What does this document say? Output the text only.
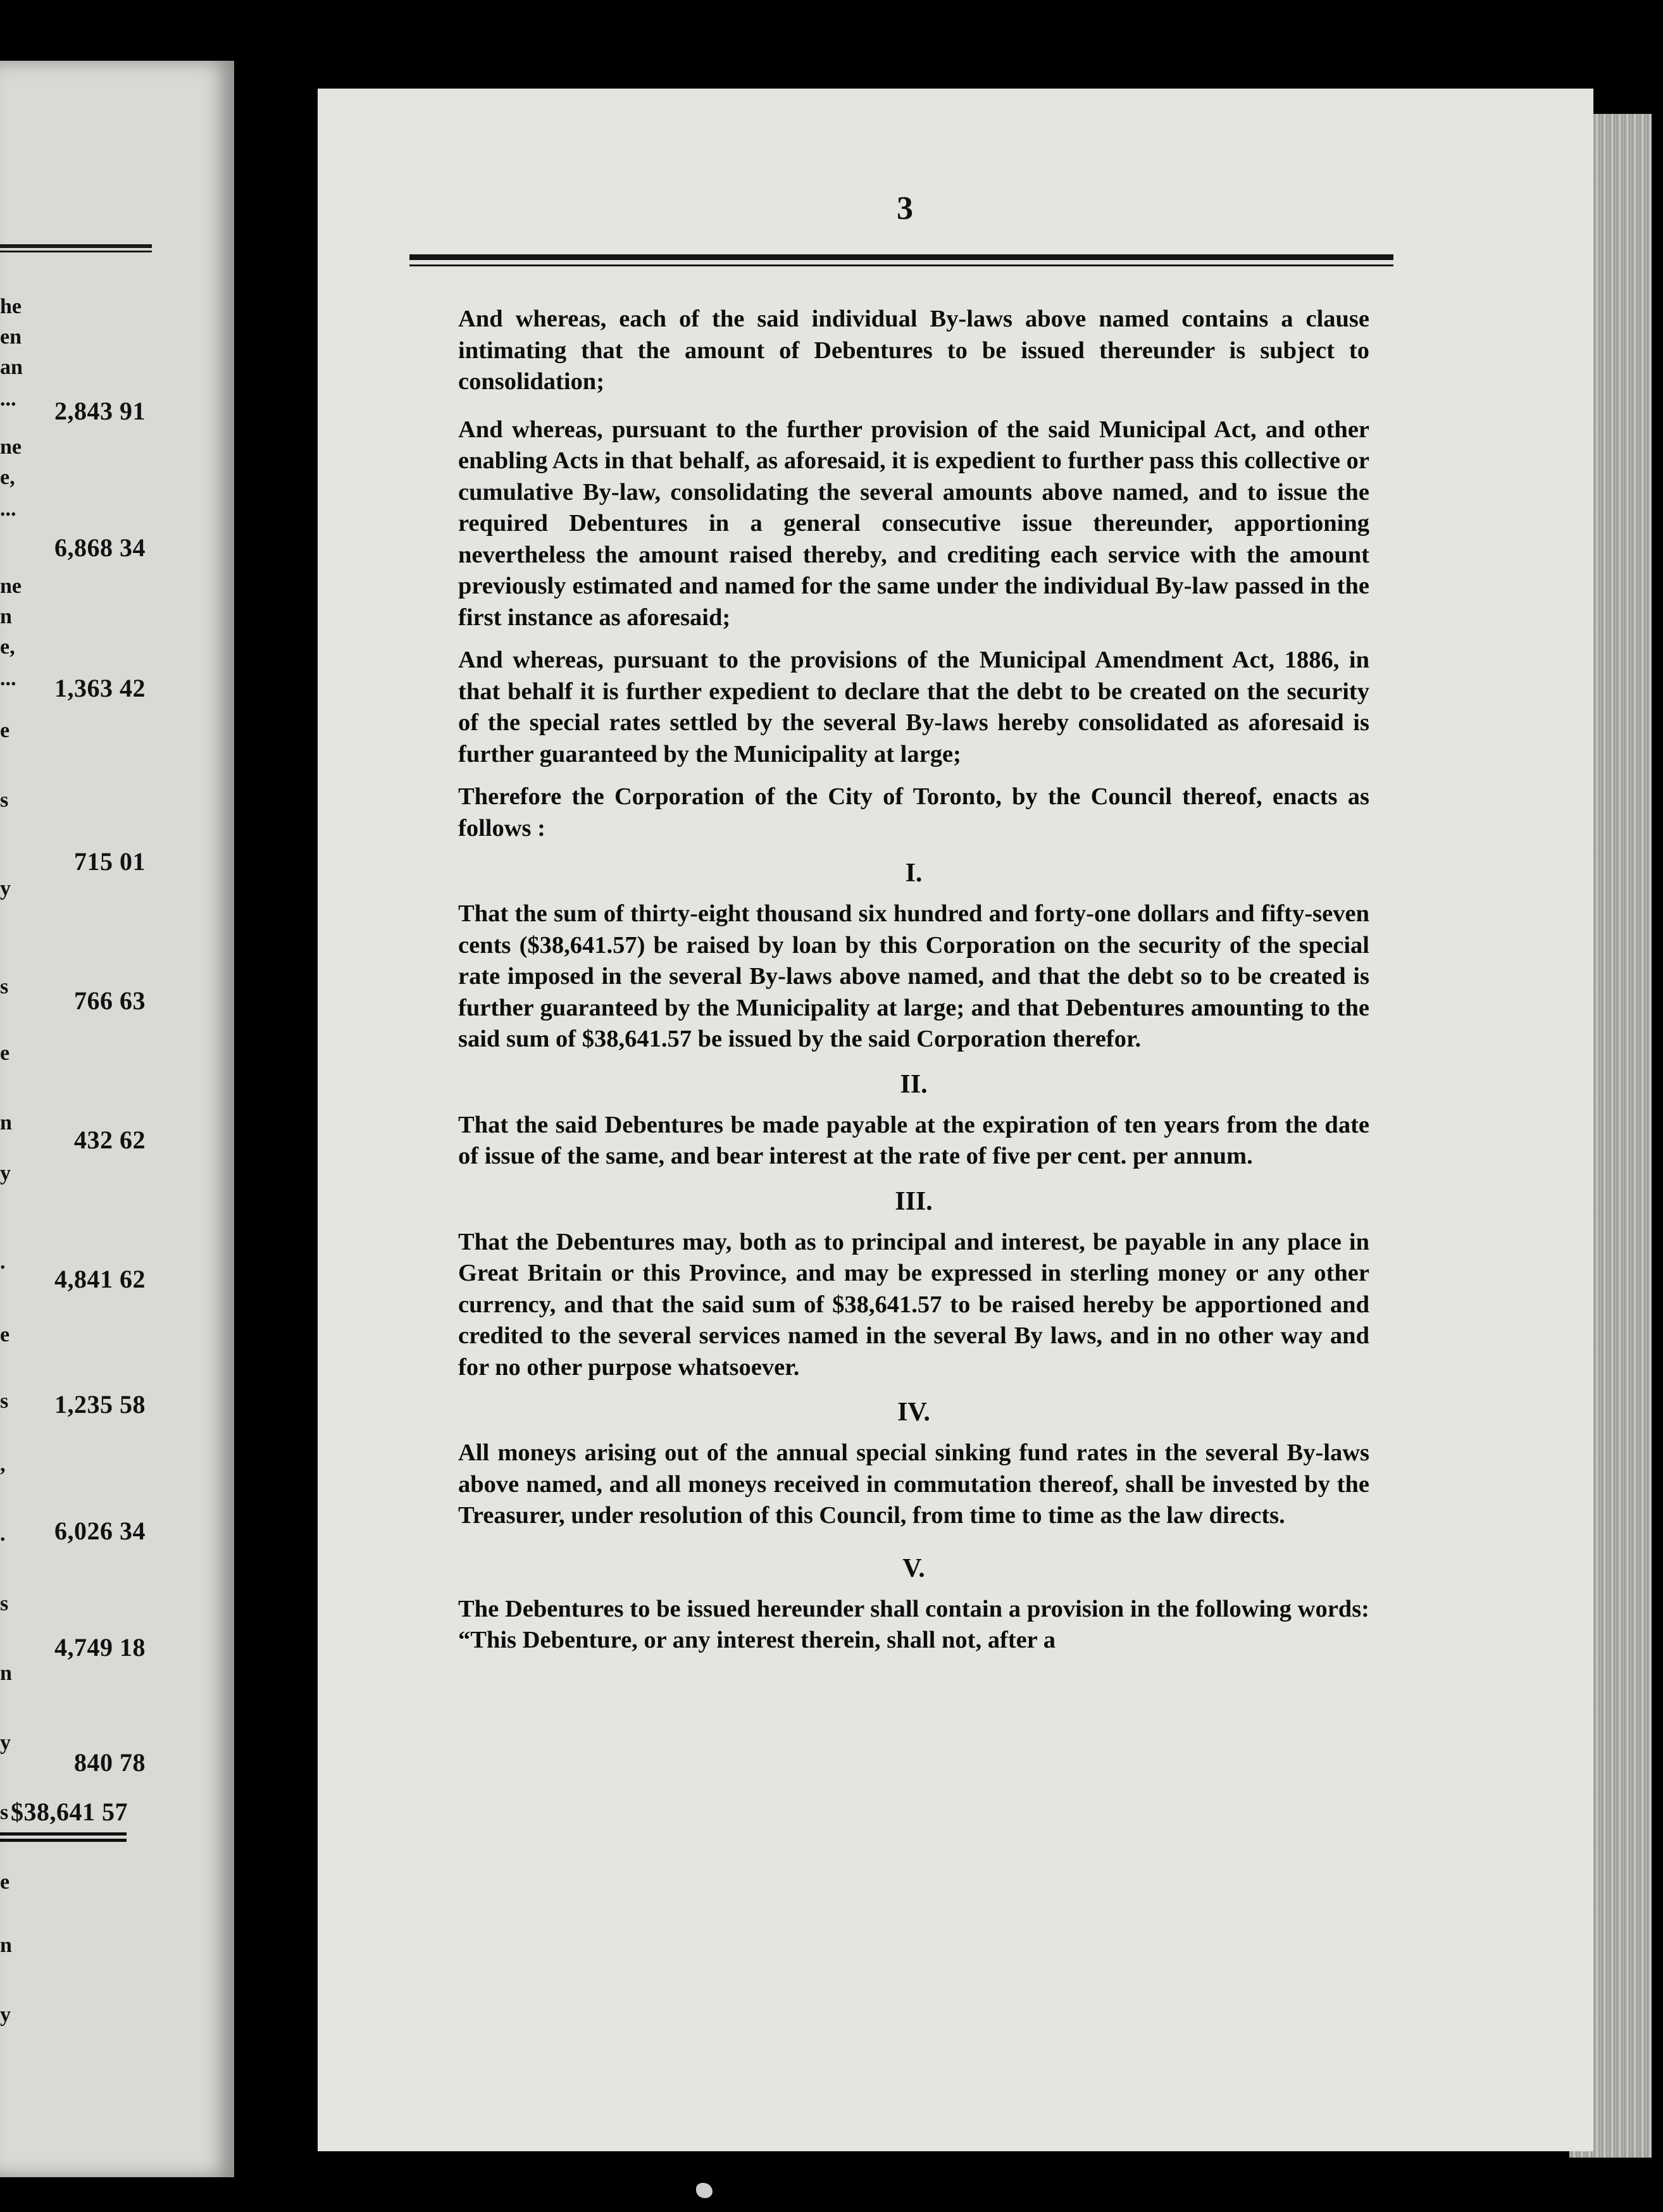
he
en
an
...
ne
e,
...
ne
n
e,
...
e
s
y
s
e
n
y
.
e
s
,
.
s
n
y
s
e
n
y
2,843 91
6,868 34
1,363 42
715 01
766 63
432 62
4,841 62
1,235 58
6,026 34
4,749 18
840 78
$38,641 57
3

And whereas, each of the said individual By-laws above named contains a clause intimating that the amount of Debentures to be issued thereunder is subject to consolidation;

And whereas, pursuant to the further provision of the said Municipal Act, and other enabling Acts in that behalf, as aforesaid, it is expedient to further pass this collective or cumulative By-law, consolidating the several amounts above named, and to issue the required Debentures in a general consecutive issue thereunder, apportioning nevertheless the amount raised thereby, and crediting each service with the amount previously estimated and named for the same under the individual By-law passed in the first instance as aforesaid;

And whereas, pursuant to the provisions of the Municipal Amendment Act, 1886, in that behalf it is further expedient to declare that the debt to be created on the security of the special rates settled by the several By-laws hereby consolidated as aforesaid is further guaranteed by the Municipality at large;

Therefore the Corporation of the City of Toronto, by the Council thereof, enacts as follows :

I.

That the sum of thirty-eight thousand six hundred and forty-one dollars and fifty-seven cents ($38,641.57) be raised by loan by this Corporation on the security of the special rate imposed in the several By-laws above named, and that the debt so to be created is further guaranteed by the Municipality at large; and that Debentures amounting to the said sum of $38,641.57 be issued by the said Corporation therefor.

II.

That the said Debentures be made payable at the expiration of ten years from the date of issue of the same, and bear interest at the rate of five per cent. per annum.

III.

That the Debentures may, both as to principal and interest, be payable in any place in Great Britain or this Province, and may be expressed in sterling money or any other currency, and that the said sum of $38,641.57 to be raised hereby be apportioned and credited to the several services named in the several By laws, and in no other way and for no other purpose whatsoever.

IV.

All moneys arising out of the annual special sinking fund rates in the several By-laws above named, and all moneys received in commutation thereof, shall be invested by the Treasurer, under resolution of this Council, from time to time as the law directs.

V.

The Debentures to be issued hereunder shall contain a provision in the following words: “This Debenture, or any interest therein, shall not, after a
